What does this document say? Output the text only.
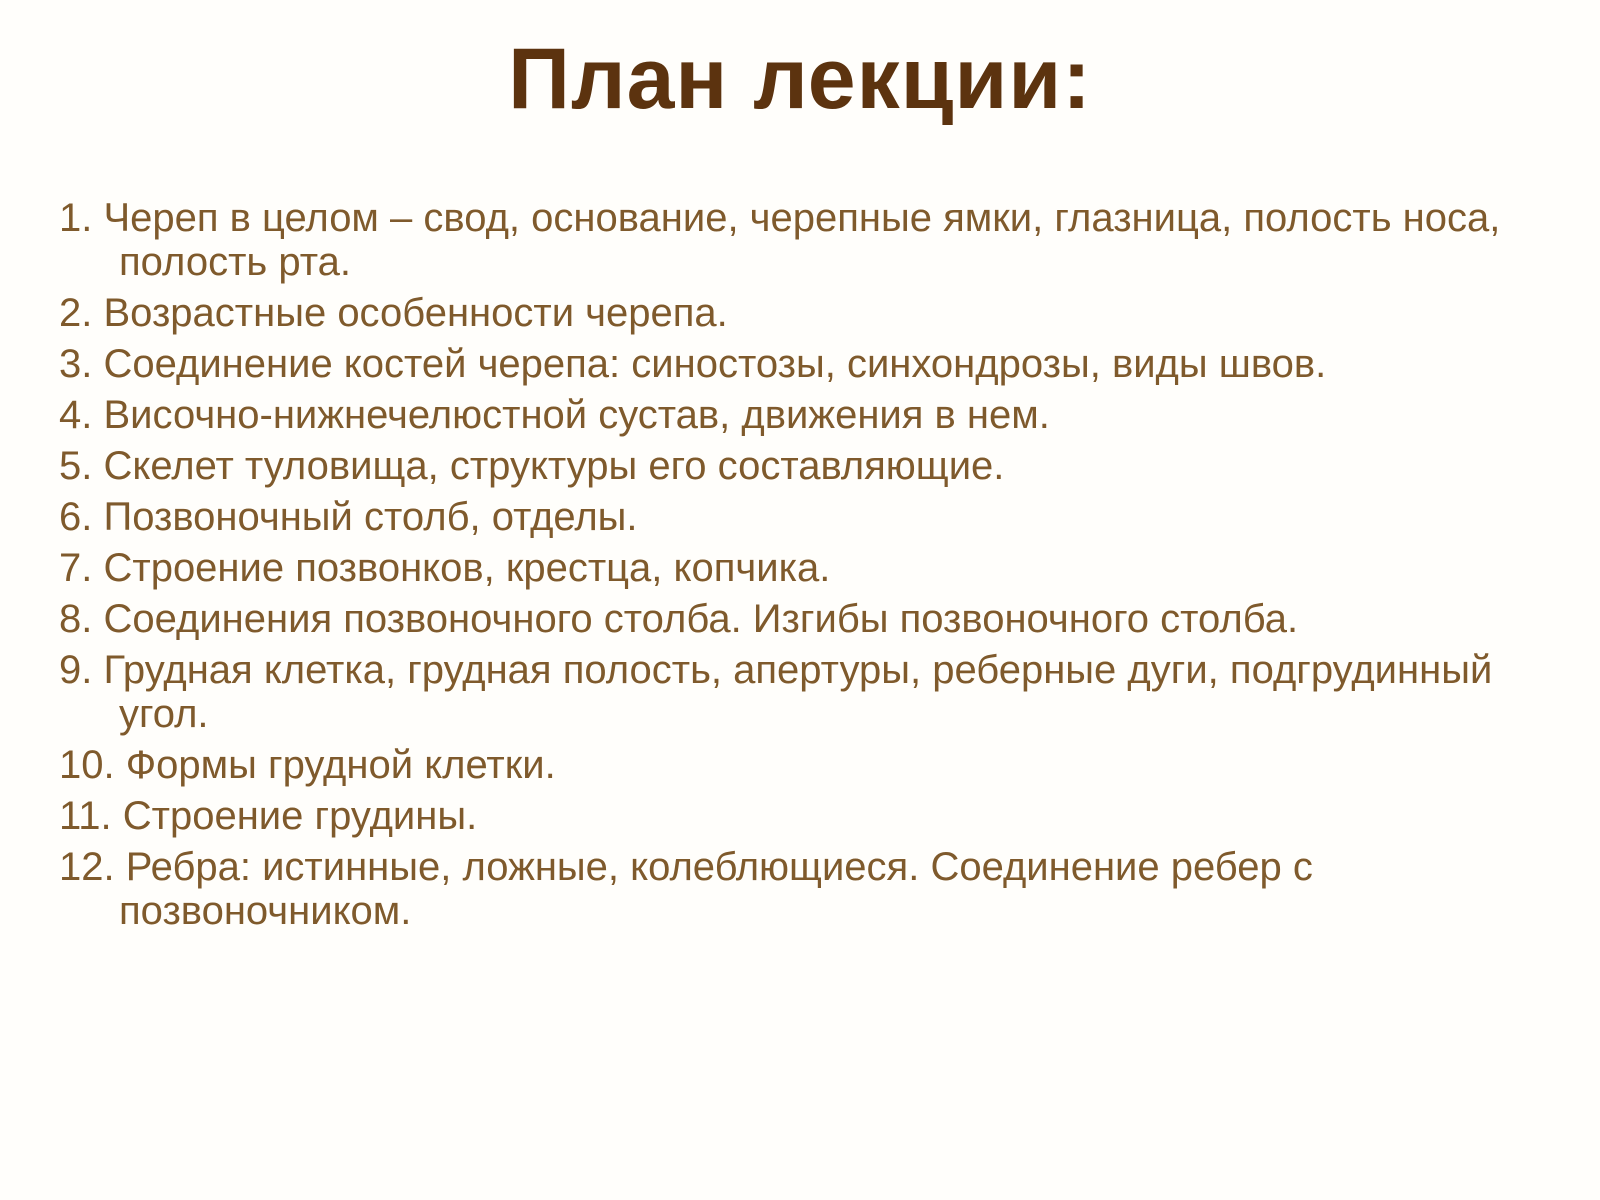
План лекции:
1. Череп в целом – свод, основание, черепные ямки, глазница, полость носа, полость рта.
2. Возрастные особенности черепа.
3. Соединение костей черепа: синостозы, синхондрозы, виды швов.
4. Височно-нижнечелюстной сустав, движения в нем.
5. Скелет туловища, структуры его составляющие.
6. Позвоночный столб, отделы.
7. Строение позвонков, крестца, копчика.
8. Соединения позвоночного столба. Изгибы позвоночного столба.
9. Грудная клетка, грудная полость, апертуры, реберные дуги, подгрудинный угол.
10. Формы грудной клетки.
11. Строение грудины.
12. Ребра: истинные, ложные, колеблющиеся. Соединение ребер с позвоночником.
